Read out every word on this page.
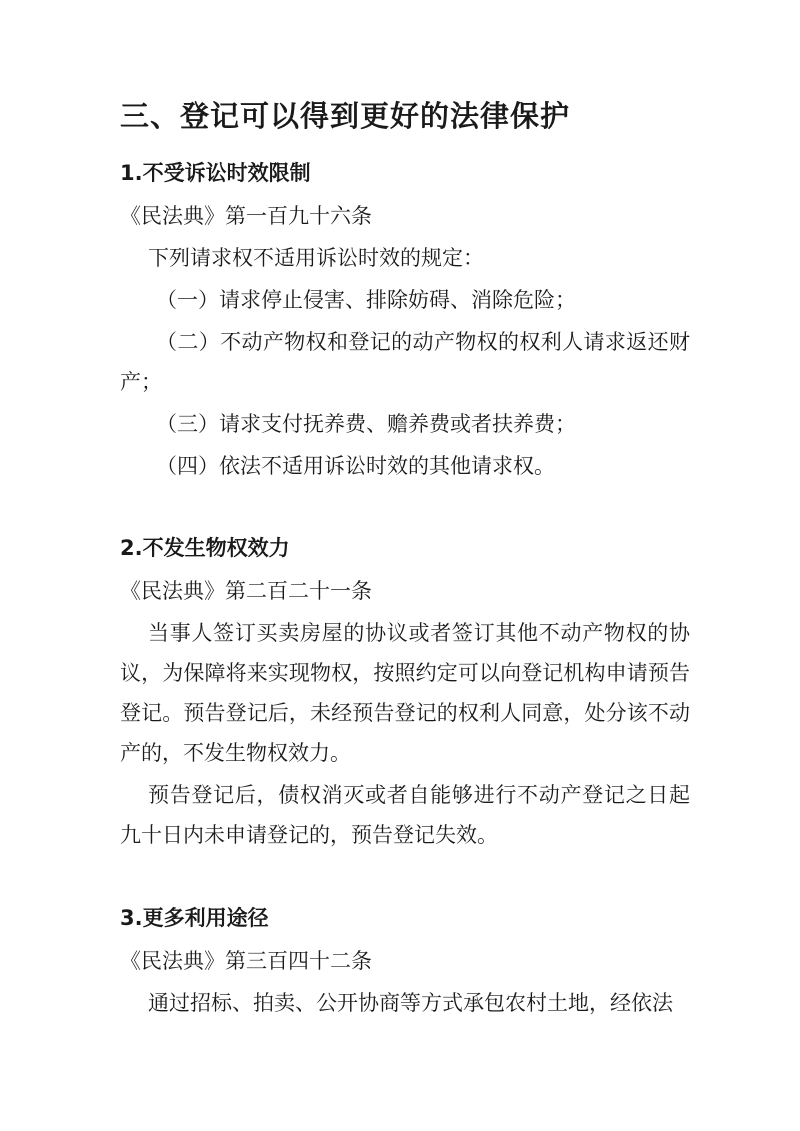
三、登记可以得到更好的法律保护

1.不受诉讼时效限制

《民法典》第一百九十六条

下列请求权不适用诉讼时效的规定：

（一）请求停止侵害、排除妨碍、消除危险；

（二）不动产物权和登记的动产物权的权利人请求返还财产；

（三）请求支付抚养费、赡养费或者扶养费；

（四）依法不适用诉讼时效的其他请求权。

2.不发生物权效力

《民法典》第二百二十一条

当事人签订买卖房屋的协议或者签订其他不动产物权的协议，为保障将来实现物权，按照约定可以向登记机构申请预告登记。预告登记后，未经预告登记的权利人同意，处分该不动产的，不发生物权效力。

预告登记后，债权消灭或者自能够进行不动产登记之日起九十日内未申请登记的，预告登记失效。

3.更多利用途径

《民法典》第三百四十二条

通过招标、拍卖、公开协商等方式承包农村土地，经依法
